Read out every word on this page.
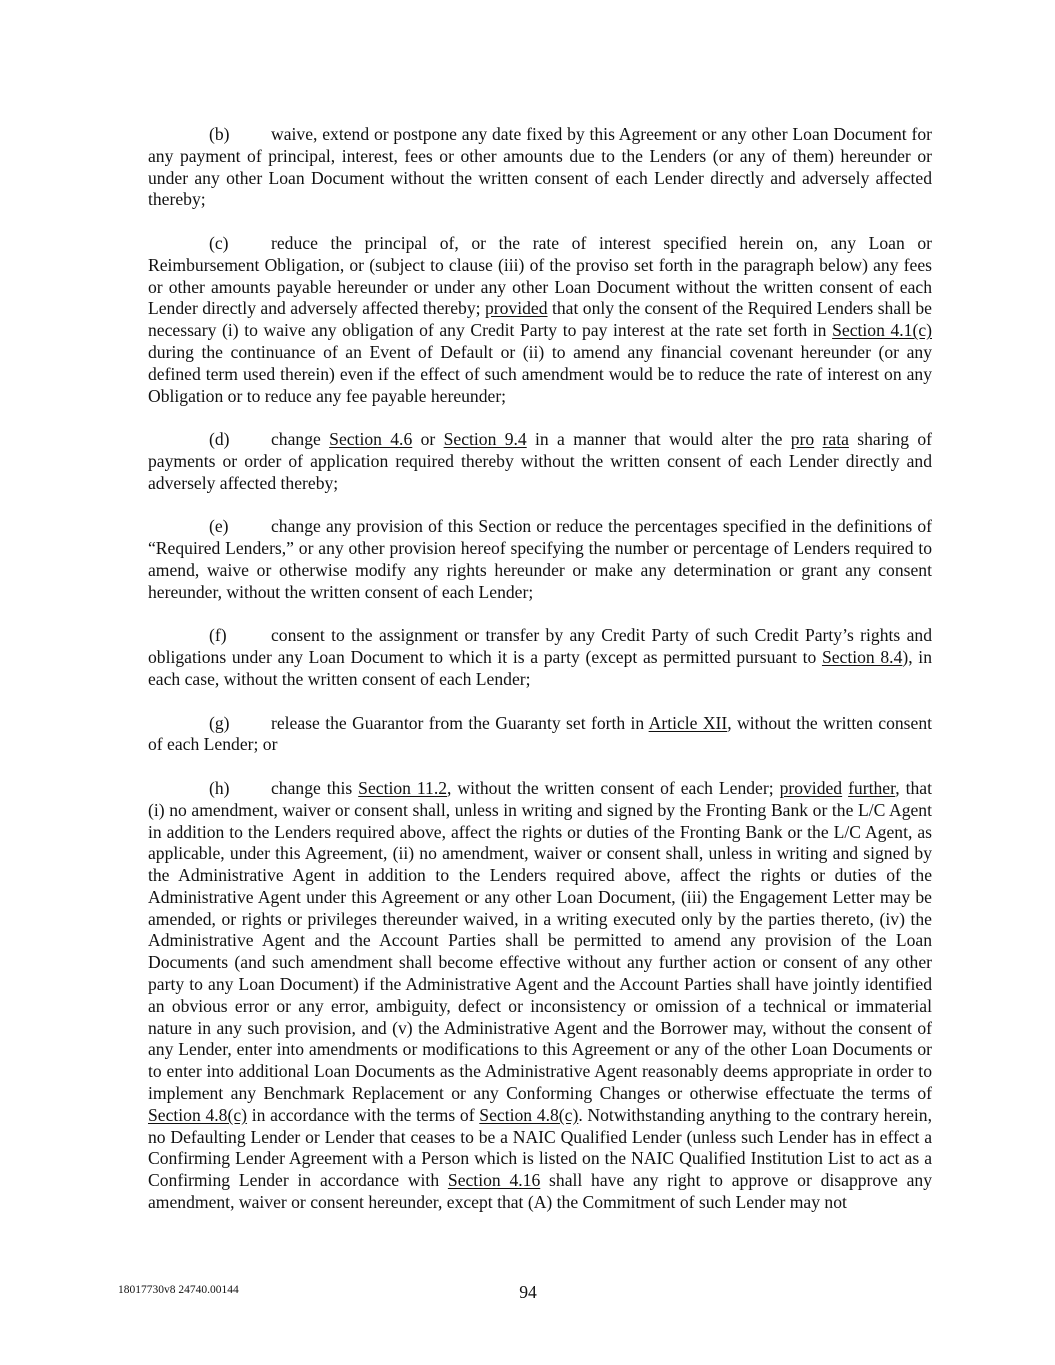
(b) waive, extend or postpone any date fixed by this Agreement or any other Loan Document for any payment of principal, interest, fees or other amounts due to the Lenders (or any of them) hereunder or under any other Loan Document without the written consent of each Lender directly and adversely affected thereby;

(c) reduce the principal of, or the rate of interest specified herein on, any Loan or Reimbursement Obligation, or (subject to clause (iii) of the proviso set forth in the paragraph below) any fees or other amounts payable hereunder or under any other Loan Document without the written consent of each Lender directly and adversely affected thereby; provided that only the consent of the Required Lenders shall be necessary (i) to waive any obligation of any Credit Party to pay interest at the rate set forth in Section 4.1(c) during the continuance of an Event of Default or (ii) to amend any financial covenant hereunder (or any defined term used therein) even if the effect of such amendment would be to reduce the rate of interest on any Obligation or to reduce any fee payable hereunder;

(d) change Section 4.6 or Section 9.4 in a manner that would alter the pro rata sharing of payments or order of application required thereby without the written consent of each Lender directly and adversely affected thereby;

(e) change any provision of this Section or reduce the percentages specified in the definitions of “Required Lenders,” or any other provision hereof specifying the number or percentage of Lenders required to amend, waive or otherwise modify any rights hereunder or make any determination or grant any consent hereunder, without the written consent of each Lender;

(f)	consent to the assignment or transfer by any Credit Party of such Credit Party’s rights and obligations under any Loan Document to which it is a party (except as permitted pursuant to Section 8.4), in each case, without the written consent of each Lender;

(g) release the Guarantor from the Guaranty set forth in Article XII, without the written consent of each Lender; or

(h) change this Section 11.2, without the written consent of each Lender; provided further, that (i) no amendment, waiver or consent shall, unless in writing and signed by the Fronting Bank or the L/C Agent in addition to the Lenders required above, affect the rights or duties of the Fronting Bank or the L/C Agent, as applicable, under this Agreement, (ii) no amendment, waiver or consent shall, unless in writing and signed by the Administrative Agent in addition to the Lenders required above, affect the rights or duties of the Administrative Agent under this Agreement or any other Loan Document, (iii) the Engagement Letter may be amended, or rights or privileges thereunder waived, in a writing executed only by the parties thereto, (iv) the Administrative Agent and the Account Parties shall be permitted to amend any provision of the Loan Documents (and such amendment shall become effective without any further action or consent of any other party to any Loan Document) if the Administrative Agent and the Account Parties shall have jointly identified an obvious error or any error, ambiguity, defect or inconsistency or omission of a technical or immaterial nature in any such provision, and (v) the Administrative Agent and the Borrower may, without the consent of any Lender, enter into amendments or modifications to this Agreement or any of the other Loan Documents or to enter into additional Loan Documents as the Administrative Agent reasonably deems appropriate in order to implement any Benchmark Replacement or any Conforming Changes or otherwise effectuate the terms of Section 4.8(c) in accordance with the terms of Section 4.8(c). Notwithstanding anything to the contrary herein, no Defaulting Lender or Lender that ceases to be a NAIC Qualified Lender (unless such Lender has in effect a Confirming Lender Agreement with a Person which is listed on the NAIC Qualified Institution List to act as a Confirming Lender in accordance with Section 4.16 shall have any right to approve or disapprove any amendment, waiver or consent hereunder, except that (A) the Commitment of such Lender may not

18017730v8 24740.00144	94
